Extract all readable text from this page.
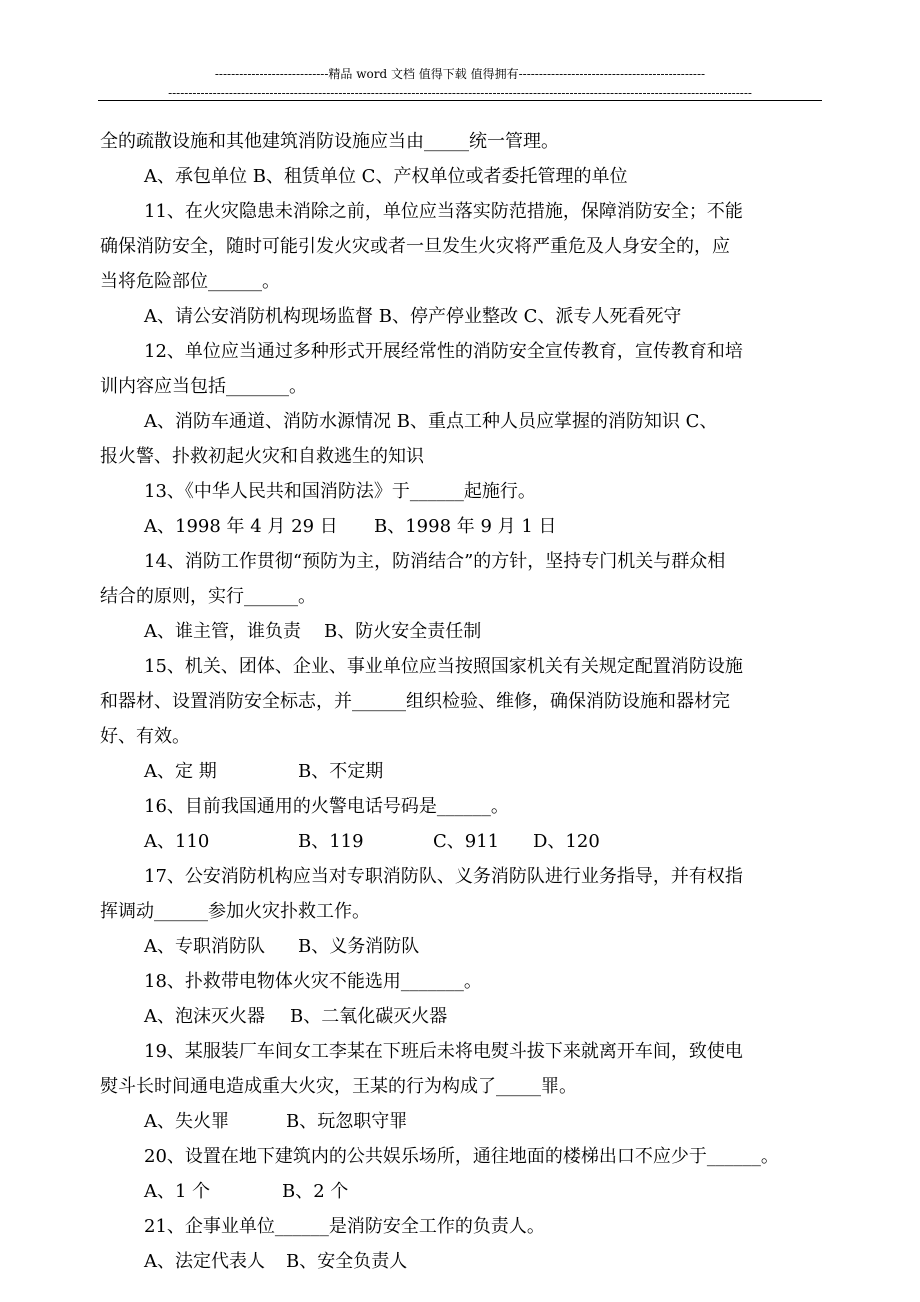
----------------------------精品 word 文档 值得下载 值得拥有----------------------------------------------
------------------------------------------------------------------------------------------------------------------------------------------------
全的疏散设施和其他建筑消防设施应当由_____统一管理。
A、承包单位 B、租赁单位 C、产权单位或者委托管理的单位
11、在火灾隐患未消除之前，单位应当落实防范措施，保障消防安全；不能
确保消防安全，随时可能引发火灾或者一旦发生火灾将严重危及人身安全的，应
当将危险部位______。
A、请公安消防机构现场监督 B、停产停业整改 C、派专人死看死守
12、单位应当通过多种形式开展经常性的消防安全宣传教育，宣传教育和培
训内容应当包括_______。
A、消防车通道、消防水源情况 B、重点工种人员应掌握的消防知识 C、
报火警、扑救初起火灾和自救逃生的知识
13、《中华人民共和国消防法》于______起施行。
A、1998 年 4 月 29 日 B、1998 年 9 月 1 日
14、消防工作贯彻“预防为主，防消结合”的方针，坚持专门机关与群众相
结合的原则，实行______。
A、谁主管，谁负责 B、防火安全责任制
15、机关、团体、企业、事业单位应当按照国家机关有关规定配置消防设施
和器材、设置消防安全标志，并______组织检验、维修，确保消防设施和器材完
好、有效。
A、定 期	B、不定期
16、目前我国通用的火警电话号码是______。
A、110	B、119	C、911 D、120
17、公安消防机构应当对专职消防队、义务消防队进行业务指导，并有权指
挥调动______参加火灾扑救工作。
A、专职消防队 B、义务消防队
18、扑救带电物体火灾不能选用_______。
A、泡沫灭火器 B、二氧化碳灭火器
19、某服装厂车间女工李某在下班后未将电熨斗拔下来就离开车间，致使电
熨斗长时间通电造成重大火灾，王某的行为构成了_____罪。
A、失火罪	B、玩忽职守罪
20、设置在地下建筑内的公共娱乐场所，通往地面的楼梯出口不应少于______。
A、1 个	B、2 个
21、企事业单位______是消防安全工作的负责人。
A、法定代表人 B、安全负责人
